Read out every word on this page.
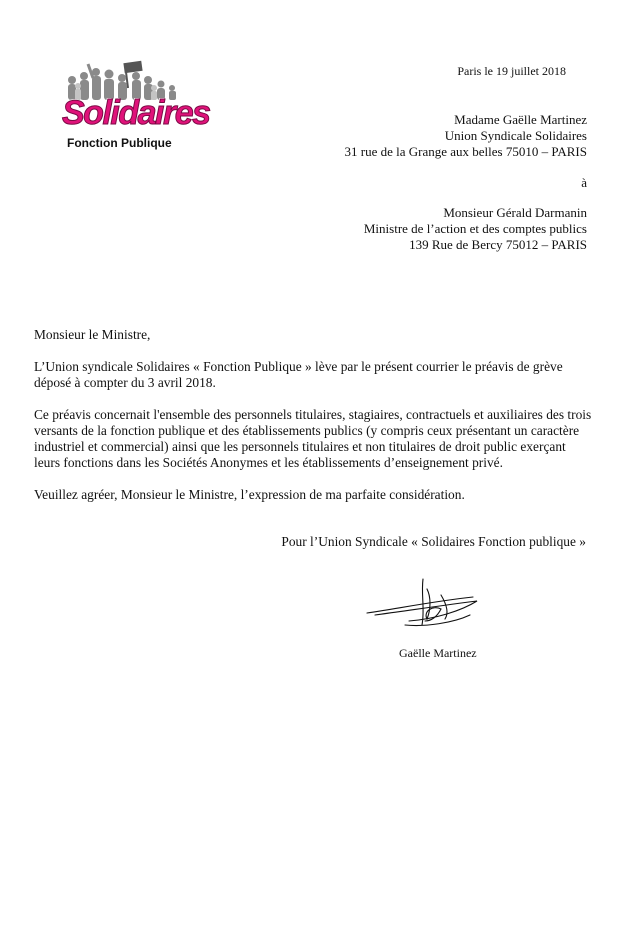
Solidaires
Fonction Publique
Paris le 19 juillet 2018
Madame Gaëlle Martinez
Union Syndicale Solidaires
31 rue de la Grange aux belles 75010 – PARIS
à
Monsieur Gérald Darmanin
Ministre de l’action et des comptes publics
139 Rue de Bercy 75012 – PARIS
Monsieur le Ministre,
L’Union syndicale Solidaires « Fonction Publique » lève par le présent courrier le préavis de grève déposé à compter du 3 avril 2018.
Ce préavis concernait l'ensemble des personnels titulaires, stagiaires, contractuels et auxiliaires des trois versants de la fonction publique et des établissements publics (y compris ceux présentant un caractère industriel et commercial) ainsi que les personnels titulaires et non titulaires de droit public exerçant leurs fonctions dans les Sociétés Anonymes et les établissements d’enseignement privé.
Veuillez agréer, Monsieur le Ministre, l’expression de ma parfaite considération.
Pour l’Union Syndicale « Solidaires Fonction publique »
Gaëlle Martinez
